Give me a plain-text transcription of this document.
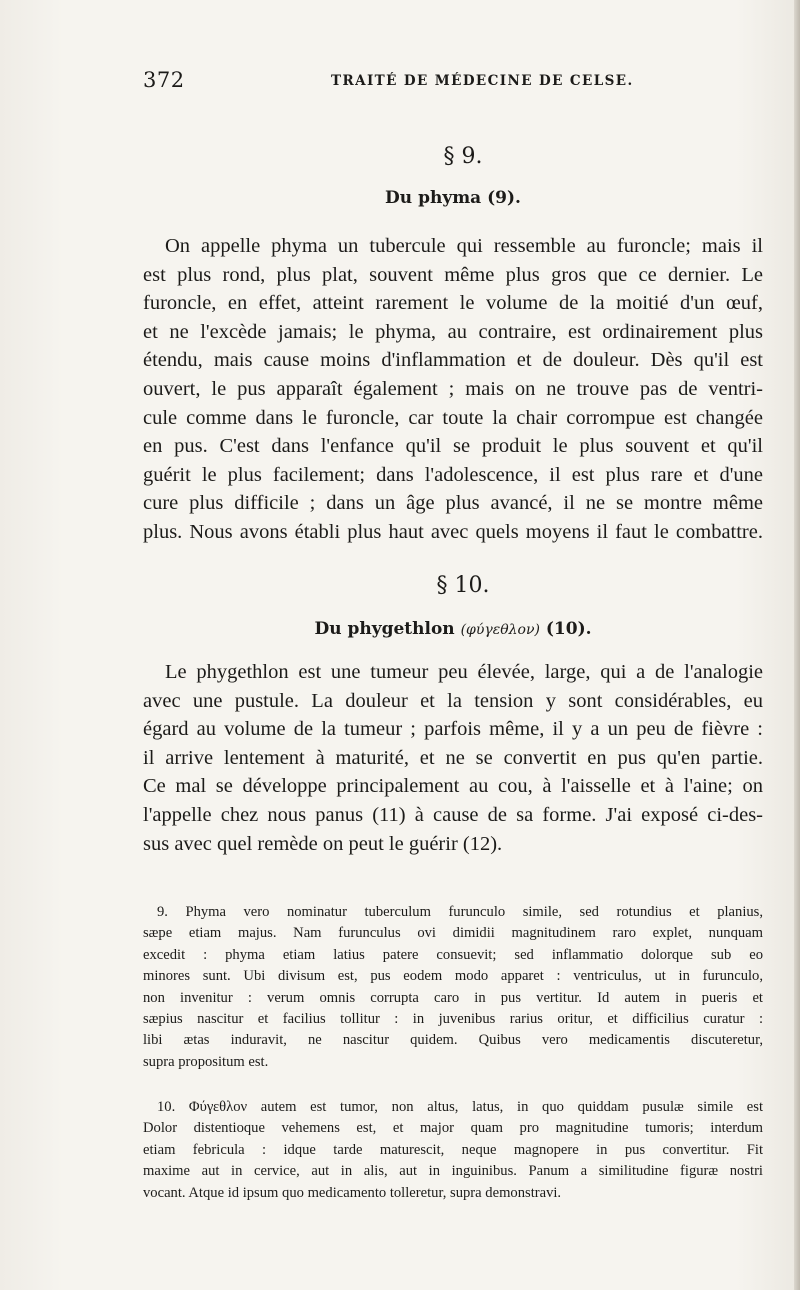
372	TRAITÉ DE MÉDECINE DE CELSE.
§ 9.
Du phyma (9).
On appelle phyma un tubercule qui ressemble au furoncle; mais il
est plus rond, plus plat, souvent même plus gros que ce dernier. Le
furoncle, en effet, atteint rarement le volume de la moitié d'un œuf,
et ne l'excède jamais; le phyma, au contraire, est ordinairement plus
étendu, mais cause moins d'inflammation et de douleur. Dès qu'il est
ouvert, le pus apparaît également ; mais on ne trouve pas de ventri-
cule comme dans le furoncle, car toute la chair corrompue est changée
en pus. C'est dans l'enfance qu'il se produit le plus souvent et qu'il
guérit le plus facilement; dans l'adolescence, il est plus rare et d'une
cure plus difficile ; dans un âge plus avancé, il ne se montre même
plus. Nous avons établi plus haut avec quels moyens il faut le combattre.
§ 10.
Du phygethlon (φύγεθλον) (10).
Le phygethlon est une tumeur peu élevée, large, qui a de l'analogie
avec une pustule. La douleur et la tension y sont considérables, eu
égard au volume de la tumeur ; parfois même, il y a un peu de fièvre :
il arrive lentement à maturité, et ne se convertit en pus qu'en partie.
Ce mal se développe principalement au cou, à l'aisselle et à l'aine; on
l'appelle chez nous panus (11) à cause de sa forme. J'ai exposé ci-des-
sus avec quel remède on peut le guérir (12).
9. Phyma vero nominatur tuberculum furunculo simile, sed rotundius et planius,
sæpe etiam majus. Nam furunculus ovi dimidii magnitudinem raro explet, nunquam
excedit : phyma etiam latius patere consuevit; sed inflammatio dolorque sub eo
minores sunt. Ubi divisum est, pus eodem modo apparet : ventriculus, ut in furunculo,
non invenitur : verum omnis corrupta caro in pus vertitur. Id autem in pueris et
sæpius nascitur et facilius tollitur : in juvenibus rarius oritur, et difficilius curatur :
libi ætas induravit, ne nascitur quidem. Quibus vero medicamentis discuteretur,
supra propositum est.
10. Φύγεθλον autem est tumor, non altus, latus, in quo quiddam pusulæ simile est
Dolor distentioque vehemens est, et major quam pro magnitudine tumoris; interdum
etiam febricula : idque tarde maturescit, neque magnopere in pus convertitur. Fit
maxime aut in cervice, aut in alis, aut in inguinibus. Panum a similitudine figuræ nostri
vocant. Atque id ipsum quo medicamento tolleretur, supra demonstravi.
